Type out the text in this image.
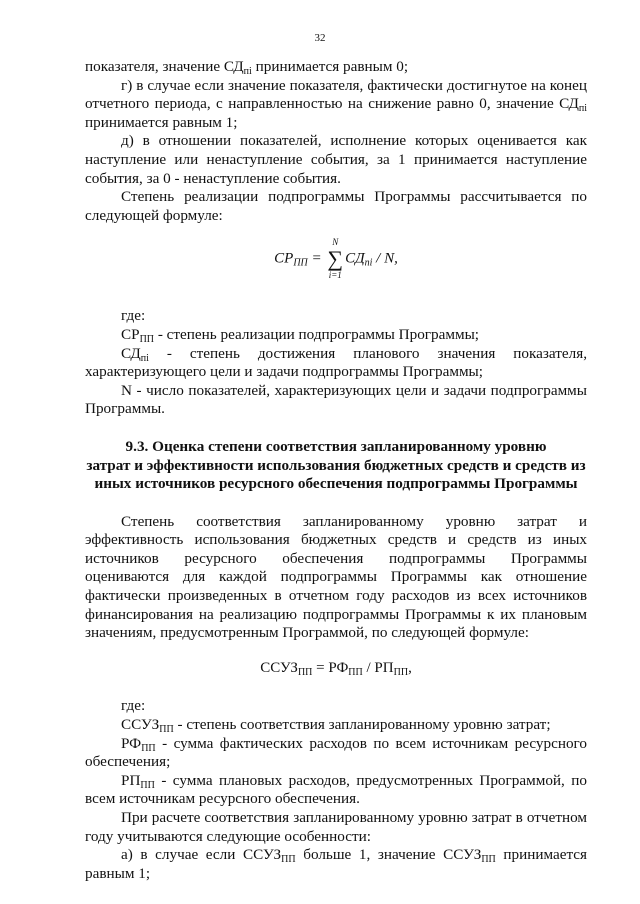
32

показателя, значение $СД_{пi}$ принимается равным 0;

г) в случае если значение показателя, фактически достигнутое на конец отчетного периода, с направленностью на снижение равно 0, значение $СД_{пi}$ принимается равным 1;

д) в отношении показателей, исполнение которых оценивается как наступление или ненаступление события, за 1 принимается наступление события, за 0 - ненаступление события.

Степень реализации подпрограммы Программы рассчитывается по следующей формуле:

$СР_{ПП}$ =
N
∑
i=1
$СД_{пi}$ / N,

где:

$СР_{ПП}$ - степень реализации подпрограммы Программы;

$СД_{пi}$ - степень достижения планового значения показателя, характеризующего цели и задачи подпрограммы Программы;

N - число показателей, характеризующих цели и задачи подпрограммы Программы.

9.3. Оценка степени соответствия запланированному уровню
затрат и эффективности использования бюджетных средств и средств из
иных источников ресурсного обеспечения подпрограммы Программы

Степень соответствия запланированному уровню затрат и эффективность использования бюджетных средств и средств из иных источников ресурсного обеспечения подпрограммы Программы оцениваются для каждой подпрограммы Программы как отношение фактически произведенных в отчетном году расходов из всех источников финансирования на реализацию подпрограммы Программы к их плановым значениям, предусмотренным Программой, по следующей формуле:

$ССУЗ_{ПП} = РФ_{ПП} / РП_{ПП}$,

где:

$ССУЗ_{ПП}$ - степень соответствия запланированному уровню затрат;

$РФ_{ПП}$ - сумма фактических расходов по всем источникам ресурсного обеспечения;

$РП_{ПП}$ - сумма плановых расходов, предусмотренных Программой, по всем источникам ресурсного обеспечения.

При расчете соответствия запланированному уровню затрат в отчетном году учитываются следующие особенности:

а) в случае если $ССУЗ_{ПП}$ больше 1, значение $ССУЗ_{ПП}$ принимается равным 1;
